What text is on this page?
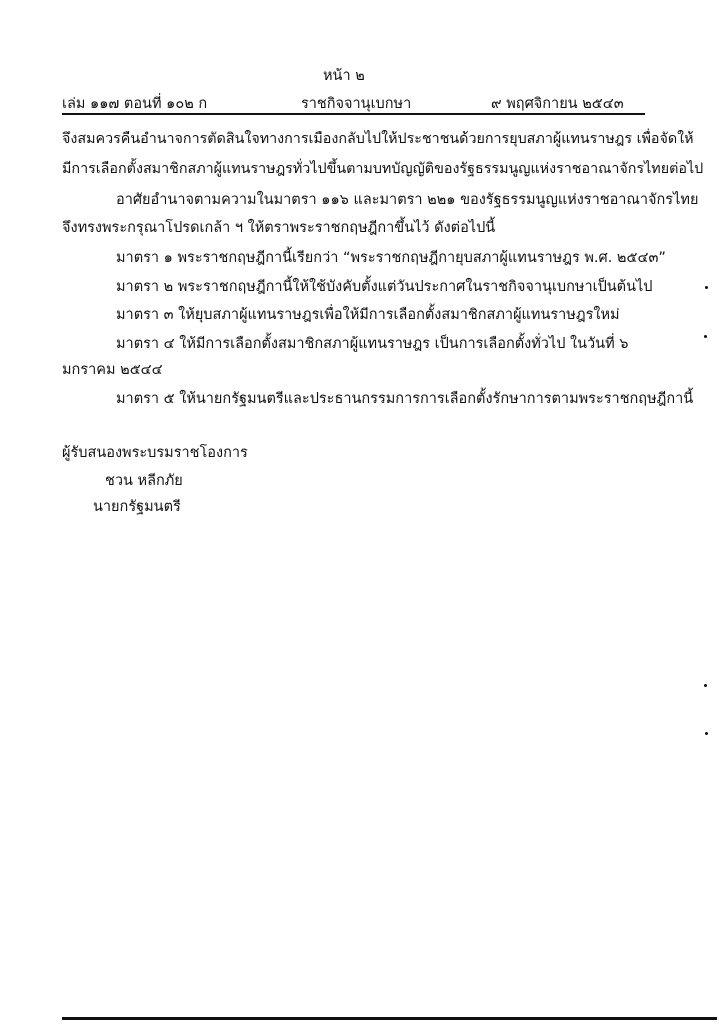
หน้า ๒
เล่ม ๑๑๗ ตอนที่ ๑๐๒ ก	ราชกิจจานุเบกษา	๙ พฤศจิกายน ๒๕๔๓
จึงสมควรคืนอำนาจการตัดสินใจทางการเมืองกลับไปให้ประชาชนด้วยการยุบสภาผู้แทนราษฎร เพื่อจัดให้
มีการเลือกตั้งสมาชิกสภาผู้แทนราษฎรทั่วไปขึ้นตามบทบัญญัติของรัฐธรรมนูญแห่งราชอาณาจักรไทยต่อไป
อาศัยอำนาจตามความในมาตรา ๑๑๖ และมาตรา ๒๒๑ ของรัฐธรรมนูญแห่งราชอาณาจักรไทย
จึงทรงพระกรุณาโปรดเกล้า ฯ ให้ตราพระราชกฤษฎีกาขึ้นไว้ ดังต่อไปนี้
มาตรา ๑ พระราชกฤษฎีกานี้เรียกว่า “พระราชกฤษฎีกายุบสภาผู้แทนราษฎร พ.ศ. ๒๕๔๓”
มาตรา ๒ พระราชกฤษฎีกานี้ให้ใช้บังคับตั้งแต่วันประกาศในราชกิจจานุเบกษาเป็นต้นไป
มาตรา ๓ ให้ยุบสภาผู้แทนราษฎรเพื่อให้มีการเลือกตั้งสมาชิกสภาผู้แทนราษฎรใหม่
มาตรา ๔ ให้มีการเลือกตั้งสมาชิกสภาผู้แทนราษฎร เป็นการเลือกตั้งทั่วไป ในวันที่ ๖
มกราคม ๒๕๔๔
มาตรา ๕ ให้นายกรัฐมนตรีและประธานกรรมการการเลือกตั้งรักษาการตามพระราชกฤษฎีกานี้
ผู้รับสนองพระบรมราชโองการ
ชวน หลีกภัย
นายกรัฐมนตรี
